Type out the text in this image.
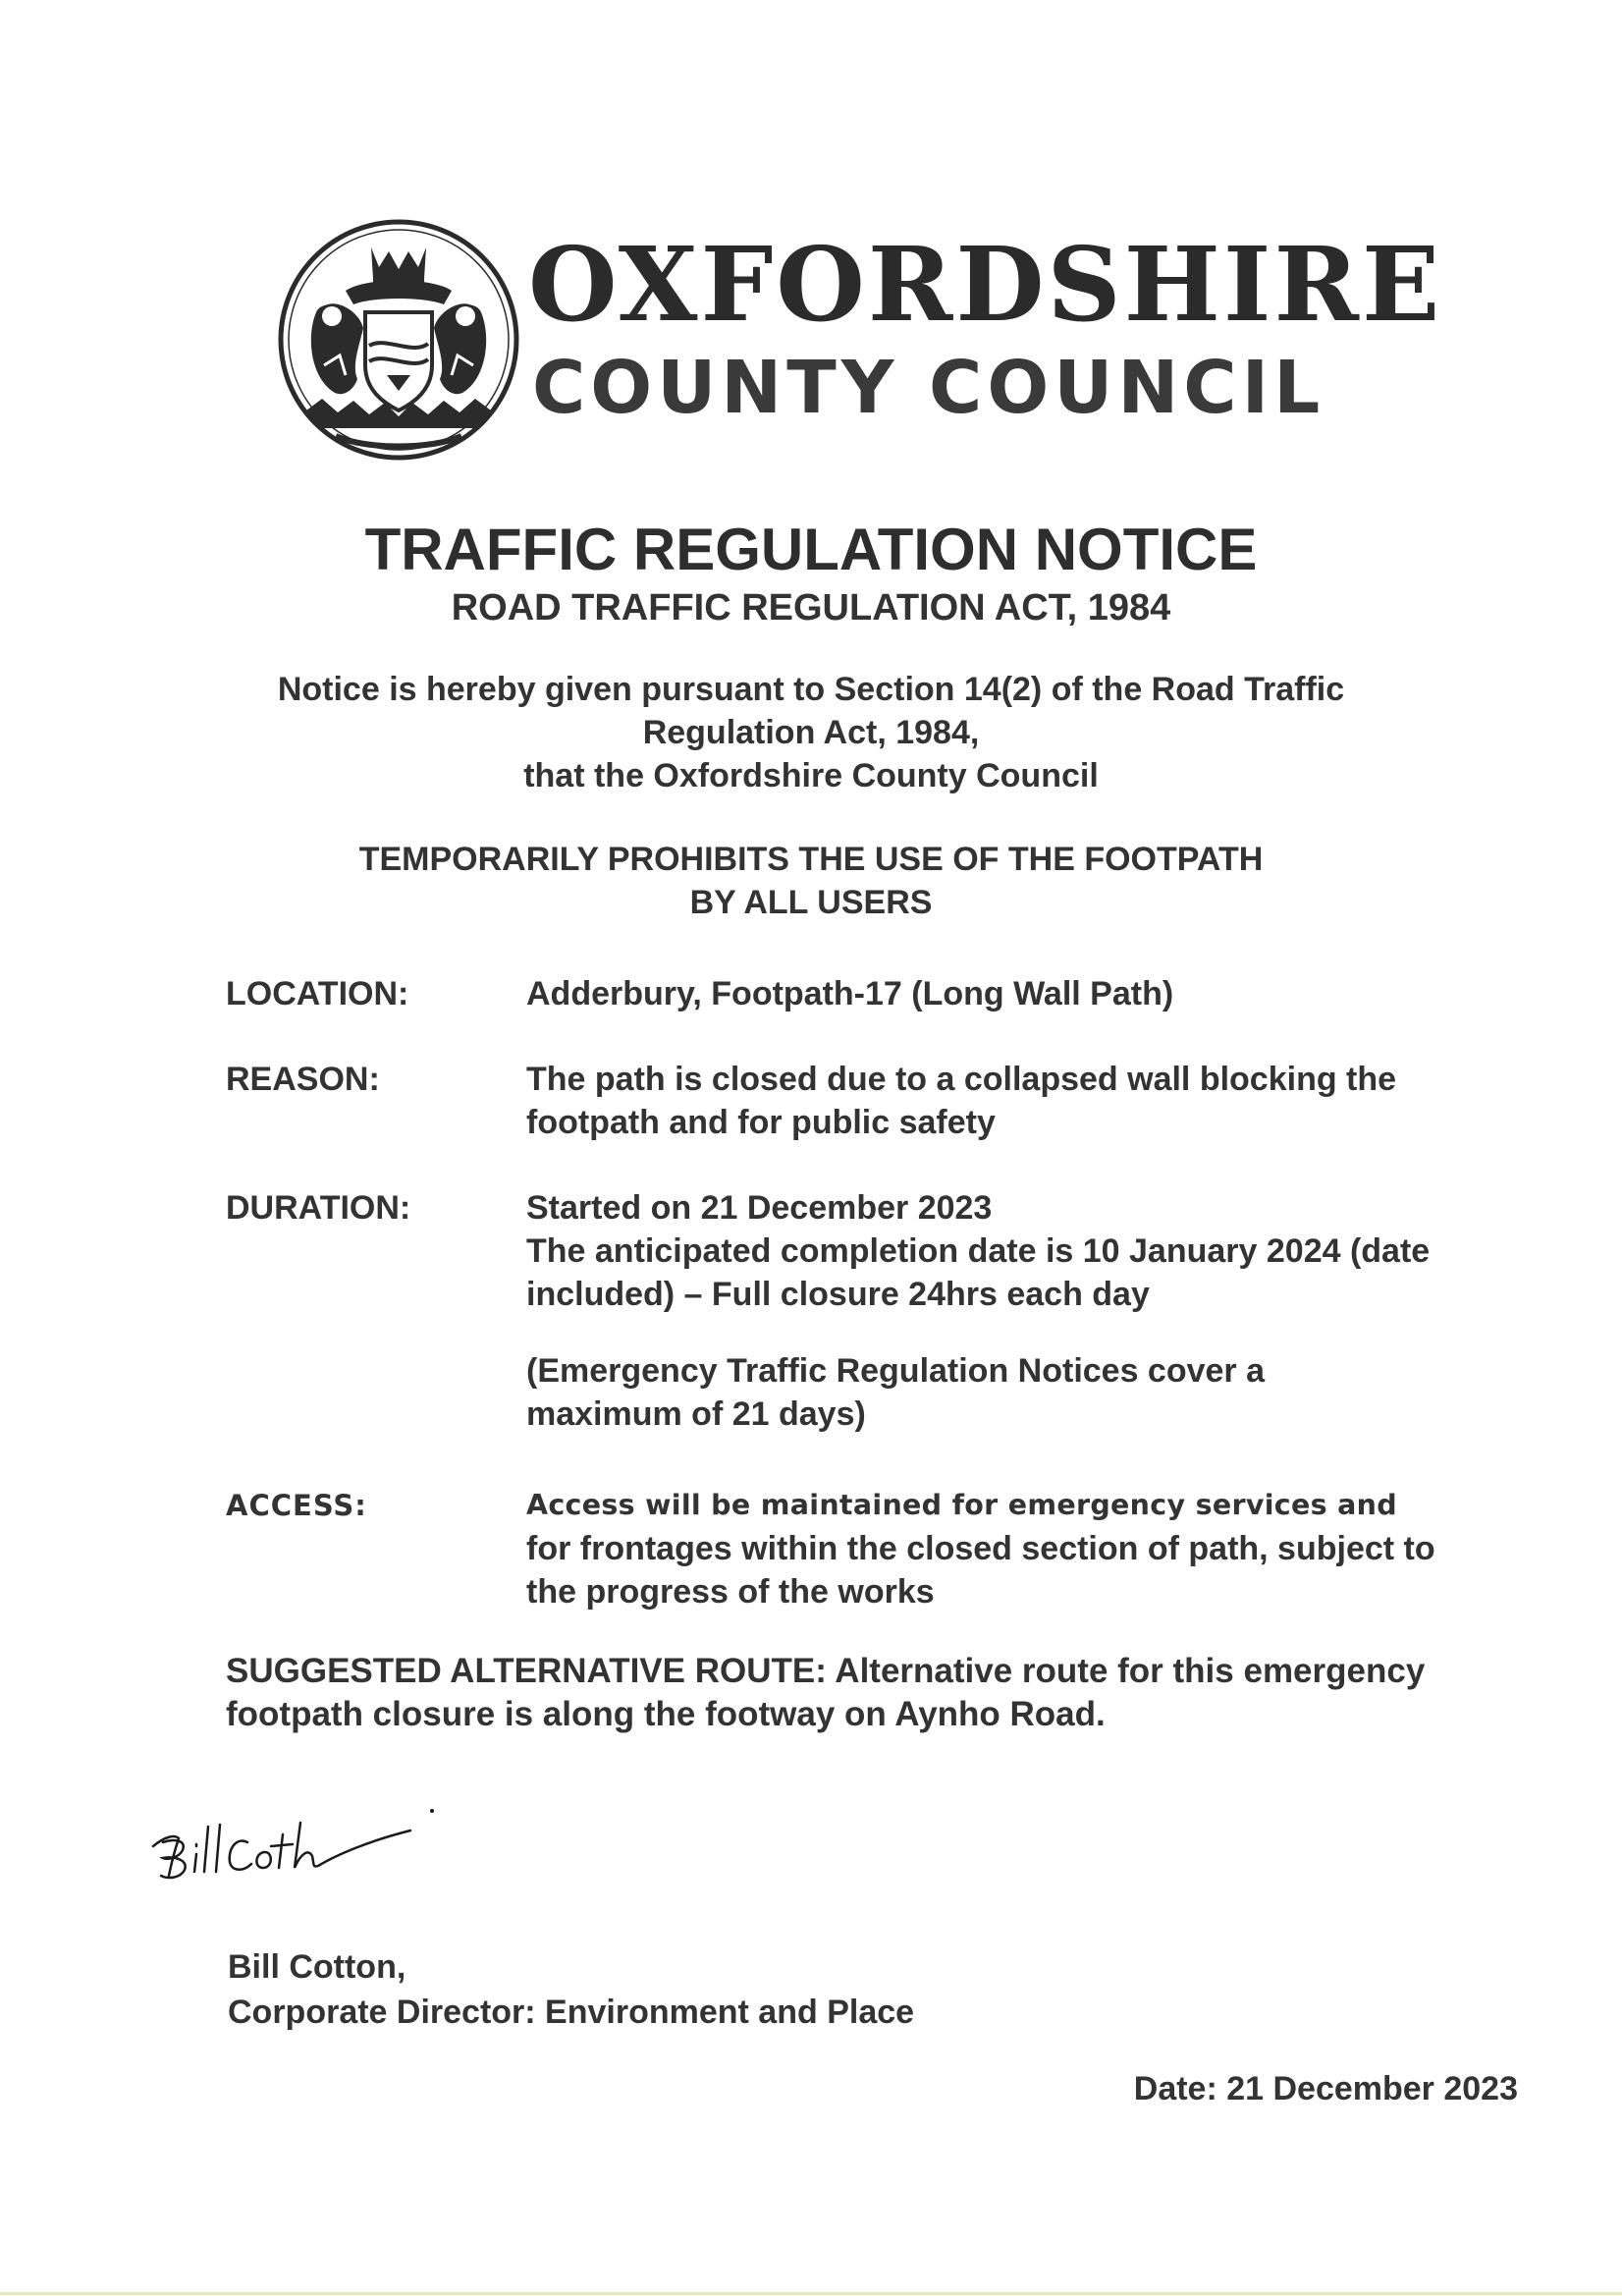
OXFORDSHIRE
COUNTY COUNCIL
TRAFFIC REGULATION NOTICE
ROAD TRAFFIC REGULATION ACT, 1984
Notice is hereby given pursuant to Section 14(2) of the Road Traffic
Regulation Act, 1984,
that the Oxfordshire County Council
TEMPORARILY PROHIBITS THE USE OF THE FOOTPATH
BY ALL USERS
LOCATION:	Adderbury, Footpath-17 (Long Wall Path)
REASON:	The path is closed due to a collapsed wall blocking the

footpath and for public safety

DURATION:	Started on 21 December 2023

The anticipated completion date is 10 January 2024 (date

included) – Full closure 24hrs each day

(Emergency Traffic Regulation Notices cover a

maximum of 21 days)

ACCESS:	Access will be maintained for emergency services and

for frontages within the closed section of path, subject to

the progress of the works

SUGGESTED ALTERNATIVE ROUTE: Alternative route for this emergency
footpath closure is along the footway on Aynho Road.

Bill Cotton,

Corporate Director: Environment and Place

Date: 21 December 2023
